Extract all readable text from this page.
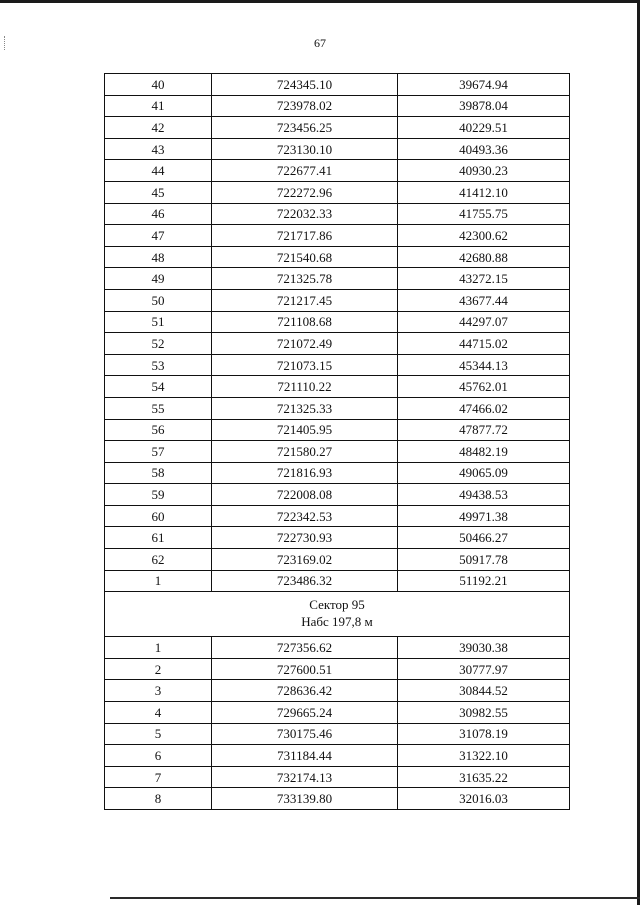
67
40	724345.10	39674.94
41	723978.02	39878.04
42	723456.25	40229.51
43	723130.10	40493.36
44	722677.41	40930.23
45	722272.96	41412.10
46	722032.33	41755.75
47	721717.86	42300.62
48	721540.68	42680.88
49	721325.78	43272.15
50	721217.45	43677.44
51	721108.68	44297.07
52	721072.49	44715.02
53	721073.15	45344.13
54	721110.22	45762.01
55	721325.33	47466.02
56	721405.95	47877.72
57	721580.27	48482.19
58	721816.93	49065.09
59	722008.08	49438.53
60	722342.53	49971.38
61	722730.93	50466.27
62	723169.02	50917.78
1	723486.32	51192.21

Сектор 95
Набс 197,8 м		

1	727356.62	39030.38
2	727600.51	30777.97
3	728636.42	30844.52
4	729665.24	30982.55
5	730175.46	31078.19
6	731184.44	31322.10
7	732174.13	31635.22
8	733139.80	32016.03
